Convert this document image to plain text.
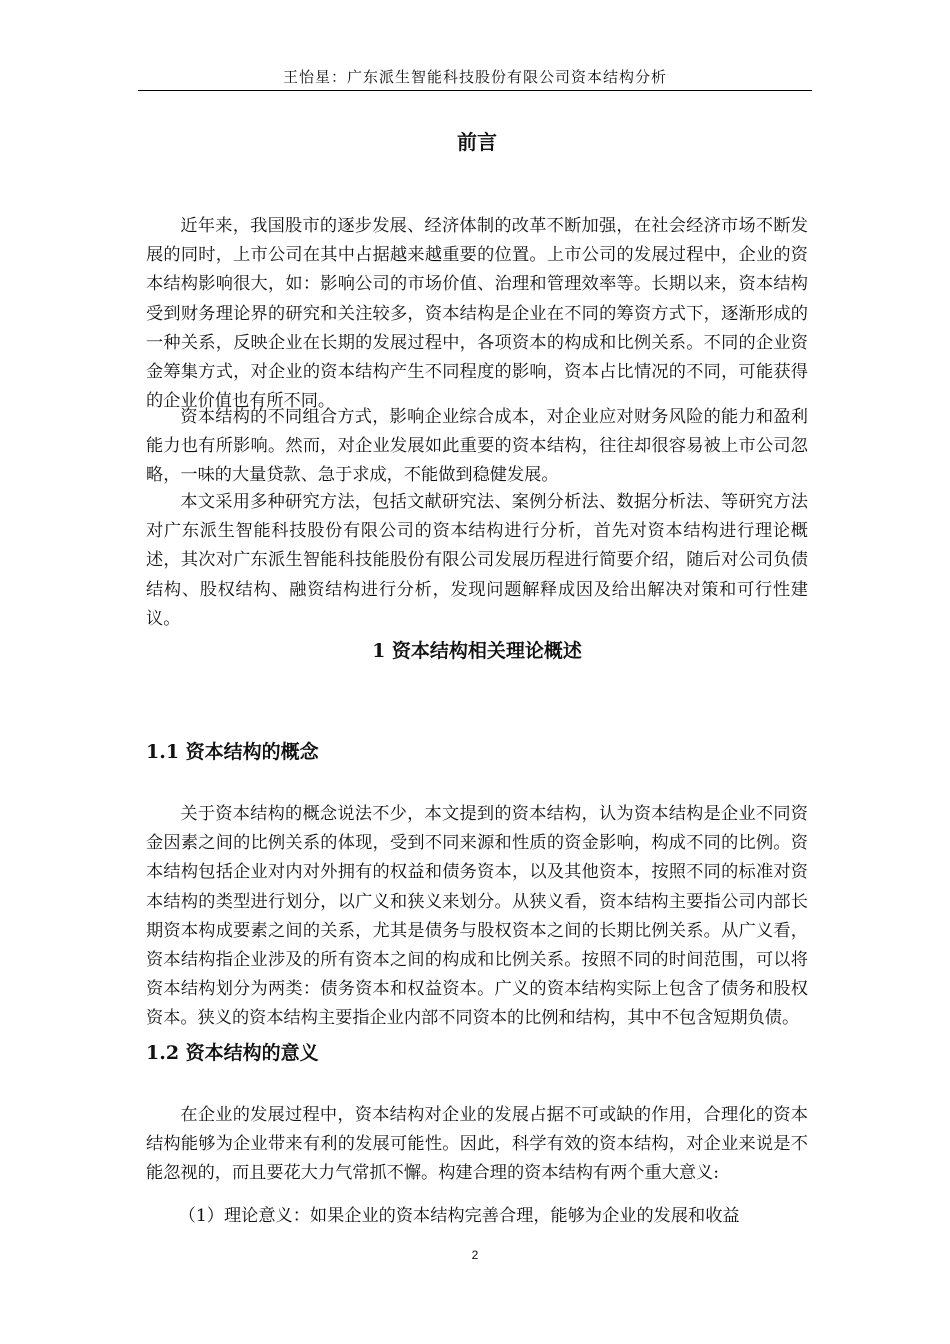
王怡星：广东派生智能科技股份有限公司资本结构分析
前言

近年来，我国股市的逐步发展、经济体制的改革不断加强，在社会经济市场不断发展的同时，上市公司在其中占据越来越重要的位置。上市公司的发展过程中，企业的资本结构影响很大，如：影响公司的市场价值、治理和管理效率等。长期以来，资本结构受到财务理论界的研究和关注较多，资本结构是企业在不同的筹资方式下，逐渐形成的一种关系，反映企业在长期的发展过程中，各项资本的构成和比例关系。不同的企业资金筹集方式，对企业的资本结构产生不同程度的影响，资本占比情况的不同，可能获得的企业价值也有所不同。

资本结构的不同组合方式，影响企业综合成本，对企业应对财务风险的能力和盈利能力也有所影响。然而，对企业发展如此重要的资本结构，往往却很容易被上市公司忽略，一味的大量贷款、急于求成，不能做到稳健发展。

本文采用多种研究方法，包括文献研究法、案例分析法、数据分析法、等研究方法对广东派生智能科技股份有限公司的资本结构进行分析，首先对资本结构进行理论概述，其次对广东派生智能科技能股份有限公司发展历程进行简要介绍，随后对公司负债结构、股权结构、融资结构进行分析，发现问题解释成因及给出解决对策和可行性建议。

1 资本结构相关理论概述
1.1 资本结构的概念

关于资本结构的概念说法不少，本文提到的资本结构，认为资本结构是企业不同资金因素之间的比例关系的体现，受到不同来源和性质的资金影响，构成不同的比例。资本结构包括企业对内对外拥有的权益和债务资本，以及其他资本，按照不同的标准对资本结构的类型进行划分，以广义和狭义来划分。从狭义看，资本结构主要指公司内部长期资本构成要素之间的关系，尤其是债务与股权资本之间的长期比例关系。从广义看，资本结构指企业涉及的所有资本之间的构成和比例关系。按照不同的时间范围，可以将资本结构划分为两类：债务资本和权益资本。广义的资本结构实际上包含了债务和股权资本。狭义的资本结构主要指企业内部不同资本的比例和结构，其中不包含短期负债。

1.2 资本结构的意义

在企业的发展过程中，资本结构对企业的发展占据不可或缺的作用，合理化的资本结构能够为企业带来有利的发展可能性。因此，科学有效的资本结构，对企业来说是不能忽视的，而且要花大力气常抓不懈。构建合理的资本结构有两个重大意义:

（1）理论意义：如果企业的资本结构完善合理，能够为企业的发展和收益

2
